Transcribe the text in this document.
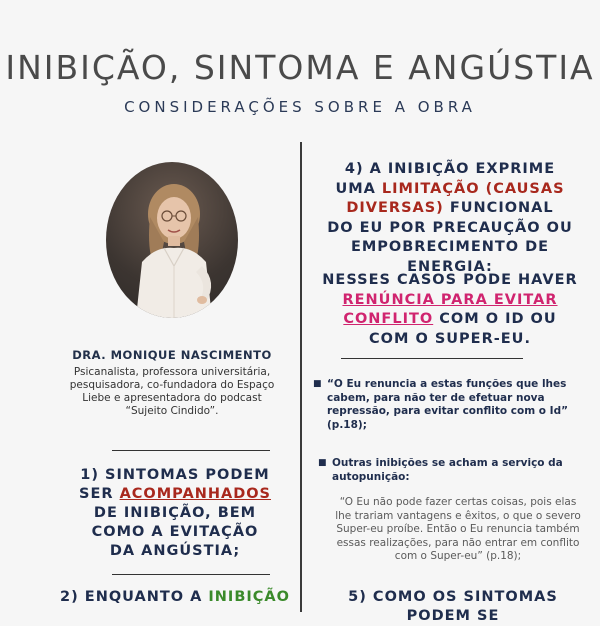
INIBIÇÃO, SINTOMA E ANGÚSTIA
CONSIDERAÇÕES SOBRE A OBRA
DRA. MONIQUE NASCIMENTO
Psicanalista, professora universitária, pesquisadora, co-fundadora do Espaço Liebe e apresentadora do podcast “Sujeito Cindido”.
1) SINTOMAS PODEM
SER ACOMPANHADOS
DE INIBIÇÃO, BEM
COMO A EVITAÇÃO
DA ANGÚSTIA;
2) ENQUANTO A INIBIÇÃO
4) A INIBIÇÃO EXPRIME
UMA LIMITAÇÃO (CAUSAS
DIVERSAS) FUNCIONAL
DO EU POR PRECAUÇÃO OU
EMPOBRECIMENTO DE ENERGIA:
NESSES CASOS PODE HAVER
RENÚNCIA PARA EVITAR
CONFLITO COM O ID OU
COM O SUPER-EU.
■ “O Eu renuncia a estas funções que lhes cabem, para não ter de efetuar nova repressão, para evitar conflito com o Id” (p.18);
■ Outras inibições se acham a serviço da autopunição:
“O Eu não pode fazer certas coisas, pois elas lhe trariam vantagens e êxitos, o que o severo Super-eu proíbe. Então o Eu renuncia também essas realizações, para não entrar em conflito com o Super-eu” (p.18);
5) COMO OS SINTOMAS PODEM SE
